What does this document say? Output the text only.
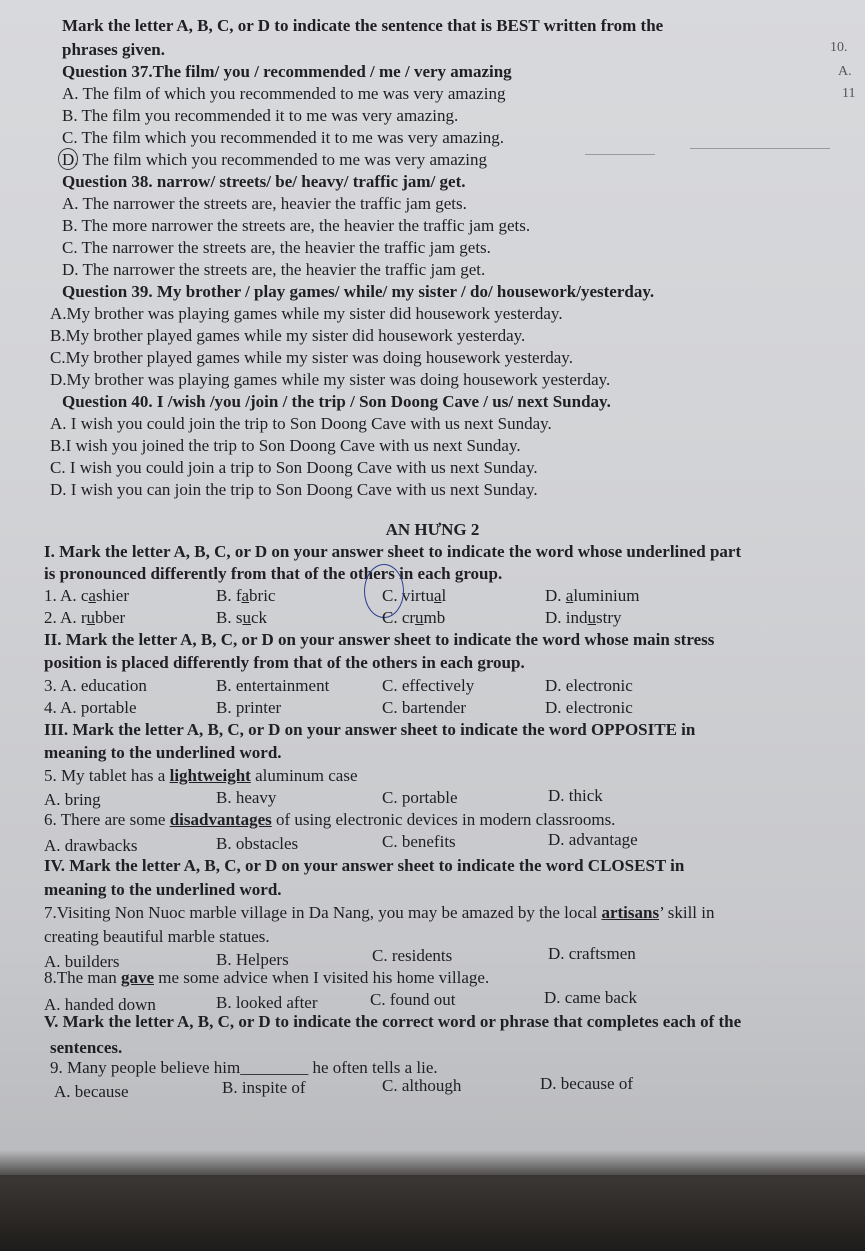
Mark the letter A, B, C, or D to indicate the sentence that is BEST written from the
phrases given.	10.
A.
11
Question 37.The film/ you / recommended / me / very amazing
A. The film of which you recommended to me was very amazing
B. The film you recommended it to me was very amazing.
C. The film which you recommended it to me was very amazing.
D. The film which you recommended to me was very amazing
Question 38. narrow/ streets/ be/ heavy/ traffic jam/ get.
A. The narrower the streets are, heavier the traffic jam gets.
B. The more narrower the streets are, the heavier the traffic jam gets.
C. The narrower the streets are, the heavier the traffic jam gets.
D. The narrower the streets are, the heavier the traffic jam get.
Question 39. My brother / play games/ while/ my sister / do/ housework/yesterday.
A.My brother was playing games while my sister did housework yesterday.
B.My brother played games while my sister did housework yesterday.
C.My brother played games while my sister was doing housework yesterday.
D.My brother was playing games while my sister was doing housework yesterday.
Question 40. I /wish /you /join / the trip / Son Doong Cave / us/ next Sunday.
A. I wish you could join the trip to Son Doong Cave with us next Sunday.
B.I wish you joined the trip to Son Doong Cave with us next Sunday.
C. I wish you could join a trip to Son Doong Cave with us next Sunday.
D. I wish you can join the trip to Son Doong Cave with us next Sunday.
AN HƯNG 2
I. Mark the letter A, B, C, or D on your answer sheet to indicate the word whose underlined part
is pronounced differently from that of the others in each group.
1. A. cashier	B. fabric	C. virtual	D. aluminium
2. A. rubber	B. suck	C. crumb	D. industry
II. Mark the letter A, B, C, or D on your answer sheet to indicate the word whose main stress
position is placed differently from that of the others in each group.
3. A. education	B. entertainment	C. effectively	D. electronic
4. A. portable	B. printer	C. bartender	D. electronic
III. Mark the letter A, B, C, or D on your answer sheet to indicate the word OPPOSITE in
meaning to the underlined word.
5. My tablet has a lightweight aluminum case
A. bring	B. heavy	C. portable	D. thick
6. There are some disadvantages of using electronic devices in modern classrooms.
A. drawbacks	B. obstacles	C. benefits	D. advantage
IV. Mark the letter A, B, C, or D on your answer sheet to indicate the word CLOSEST in
meaning to the underlined word.
7.Visiting Non Nuoc marble village in Da Nang, you may be amazed by the local artisans’ skill in
creating beautiful marble statues.
A. builders	B. Helpers	C. residents	D. craftsmen
8.The man gave me some advice when I visited his home village.
A. handed down	B. looked after	C. found out	D. came back
V. Mark the letter A, B, C, or D to indicate the correct word or phrase that completes each of the
sentences.
9. Many people believe him________ he often tells a lie.
A. because	B. inspite of	C. although	D. because of
